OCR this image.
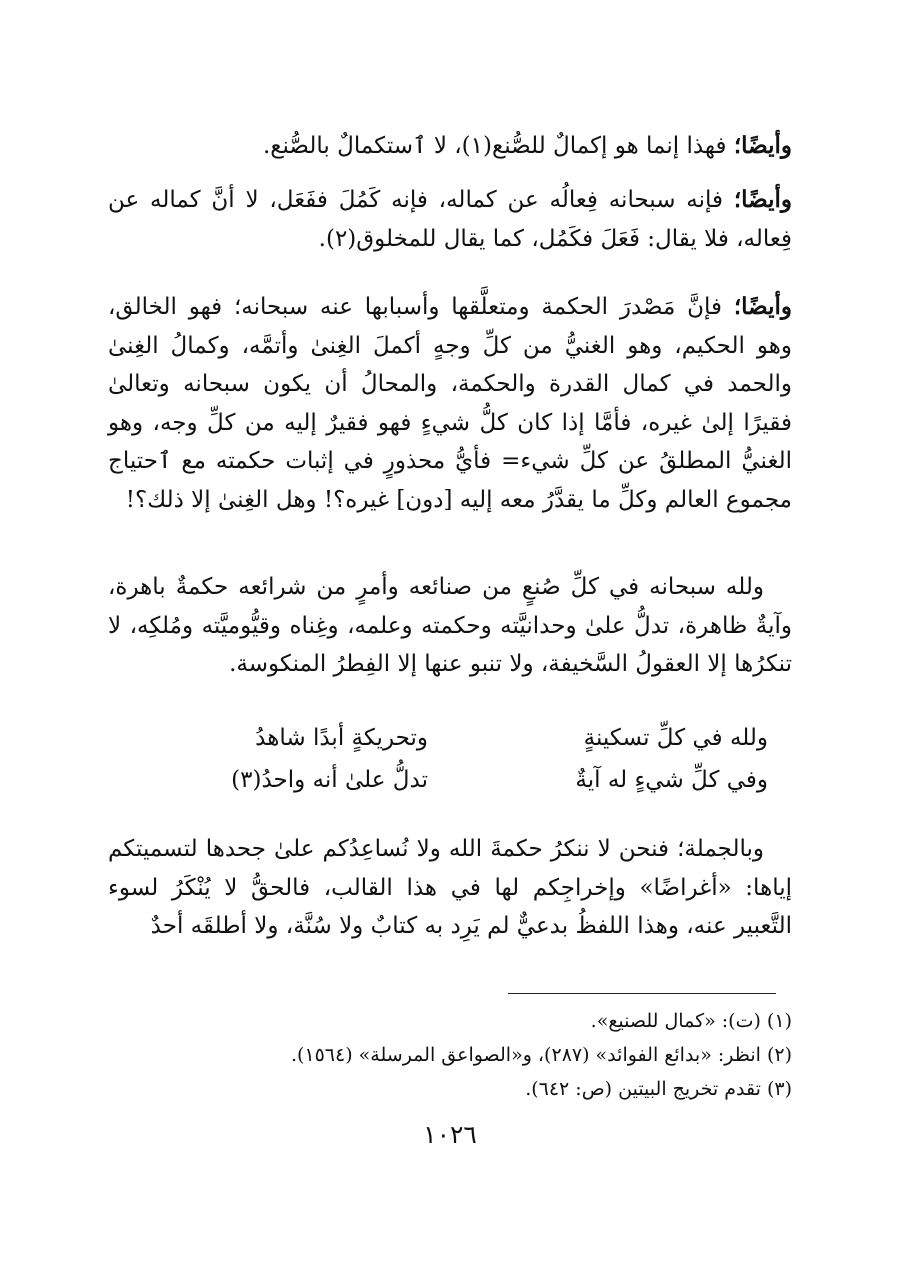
وأيضًا؛ فهذا إنما هو إكمالٌ للصُّنع(١)، لا ٱستكمالٌ بالصُّنع.

وأيضًا؛ فإنه سبحانه فِعالُه عن كماله، فإنه كَمُلَ ففَعَل، لا أنَّ كماله عن فِعاله، فلا يقال: فَعَلَ فكَمُل، كما يقال للمخلوق(٢).

وأيضًا؛ فإنَّ مَصْدرَ الحكمة ومتعلَّقها وأسبابها عنه سبحانه؛ فهو الخالق، وهو الحكيم، وهو الغنيُّ من كلِّ وجهٍ أكملَ الغِنىٰ وأتمَّه، وكمالُ الغِنىٰ والحمد في كمال القدرة والحكمة، والمحالُ أن يكون سبحانه وتعالىٰ فقيرًا إلىٰ غيره، فأمَّا إذا كان كلُّ شيءٍ فهو فقيرٌ إليه من كلِّ وجه، وهو الغنيُّ المطلقُ عن كلِّ شيء= فأيُّ محذورٍ في إثبات حكمته مع ٱحتياج مجموع العالم وكلِّ ما يقدَّرُ معه إليه [دون] غيره؟! وهل الغِنىٰ إلا ذلك؟!

ولله سبحانه في كلِّ صُنعٍ من صنائعه وأمرٍ من شرائعه حكمةٌ باهرة، وآيةٌ ظاهرة، تدلُّ علىٰ وحدانيَّته وحكمته وعلمه، وغِناه وقيُّوميَّته ومُلكِه، لا تنكرُها إلا العقولُ السَّخيفة، ولا تنبو عنها إلا الفِطرُ المنكوسة.

ولله في كلِّ تسكينةٍ
وتحريكةٍ أبدًا شاهدُ
وفي كلِّ شيءٍ له آيةٌ
تدلُّ علىٰ أنه واحدُ(٣)

وبالجملة؛ فنحن لا ننكرُ حكمةَ الله ولا نُساعِدُكم علىٰ جحدها لتسميتكم إياها: «أغراضًا» وإخراجِكم لها في هذا القالب، فالحقُّ لا يُنْكَرُ لسوء التَّعبير عنه، وهذا اللفظُ بدعيٌّ لم يَرِد به كتابٌ ولا سُنَّة، ولا أطلقَه أحدٌ

(١) (ت): «كمال للصنيع».
(٢) انظر: «بدائع الفوائد» (٢٨٧)، و«الصواعق المرسلة» (١٥٦٤).
(٣) تقدم تخريج البيتين (ص: ٦٤٢).
١٠٢٦
